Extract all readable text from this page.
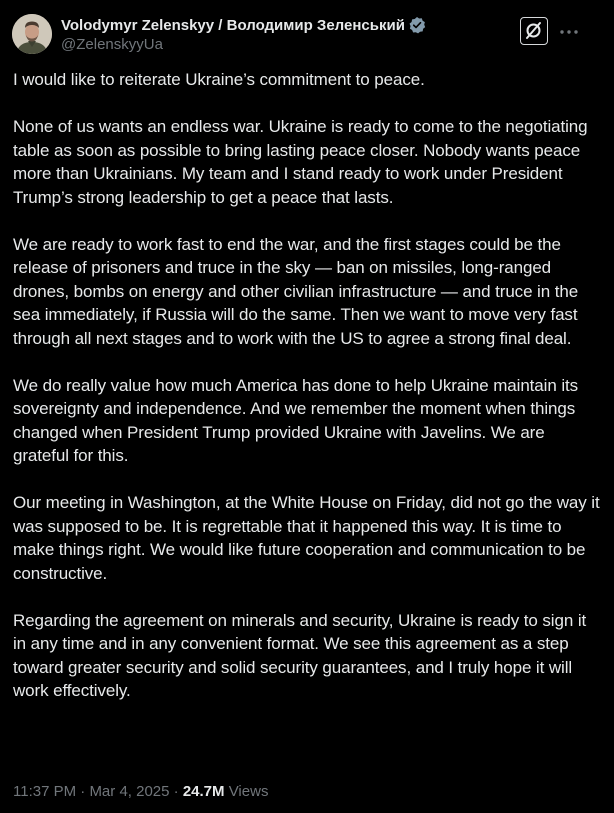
Volodymyr Zelenskyy / Володимир Зеленський
@ZelenskyyUa

I would like to reiterate Ukraine’s commitment to peace.

None of us wants an endless war. Ukraine is ready to come to the negotiating table as soon as possible to bring lasting peace closer. Nobody wants peace more than Ukrainians. My team and I stand ready to work under President Trump’s strong leadership to get a peace that lasts.

We are ready to work fast to end the war, and the first stages could be the release of prisoners and truce in the sky — ban on missiles, long-ranged drones, bombs on energy and other civilian infrastructure — and truce in the sea immediately, if Russia will do the same. Then we want to move very fast through all next stages and to work with the US to agree a strong final deal.

We do really value how much America has done to help Ukraine maintain its sovereignty and independence. And we remember the moment when things changed when President Trump provided Ukraine with Javelins. We are grateful for this.

Our meeting in Washington, at the White House on Friday, did not go the way it was supposed to be. It is regrettable that it happened this way. It is time to make things right. We would like future cooperation and communication to be constructive.

Regarding the agreement on minerals and security, Ukraine is ready to sign it in any time and in any convenient format. We see this agreement as a step toward greater security and solid security guarantees, and I truly hope it will work effectively.

11:37 PM · Mar 4, 2025 · 24.7M Views
